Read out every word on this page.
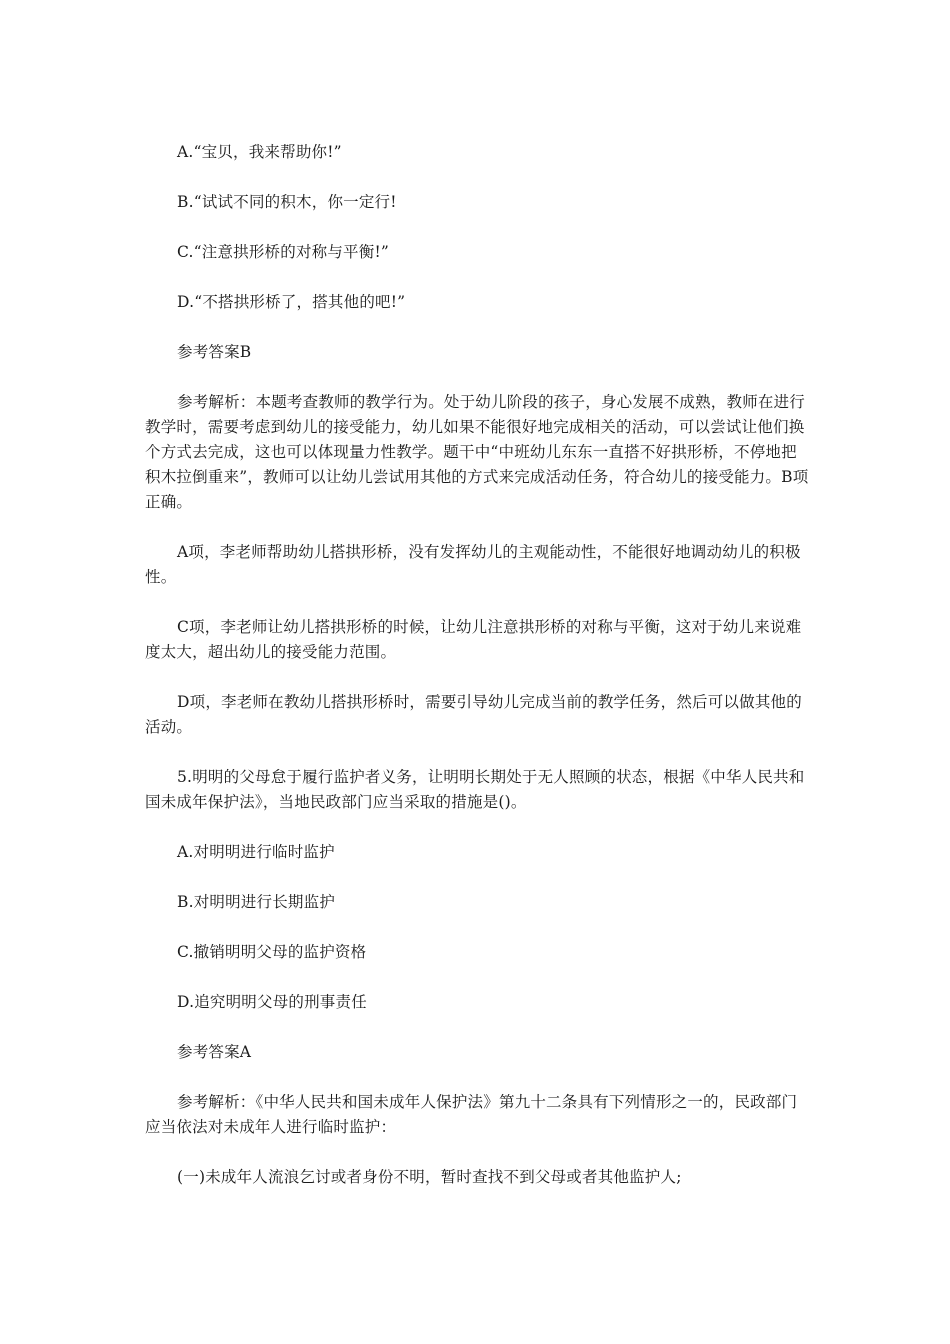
A.“宝贝，我来帮助你!”

B.“试试不同的积木，你一定行!

C.“注意拱形桥的对称与平衡!”

D.“不搭拱形桥了，搭其他的吧!”

参考答案B

参考解析：本题考查教师的教学行为。处于幼儿阶段的孩子，身心发展不成熟，教师在进行教学时，需要考虑到幼儿的接受能力，幼儿如果不能很好地完成相关的活动，可以尝试让他们换个方式去完成，这也可以体现量力性教学。题干中“中班幼儿东东一直搭不好拱形桥，不停地把积木拉倒重来”，教师可以让幼儿尝试用其他的方式来完成活动任务，符合幼儿的接受能力。B项正确。

A项，李老师帮助幼儿搭拱形桥，没有发挥幼儿的主观能动性，不能很好地调动幼儿的积极性。

C项，李老师让幼儿搭拱形桥的时候，让幼儿注意拱形桥的对称与平衡，这对于幼儿来说难度太大，超出幼儿的接受能力范围。

D项，李老师在教幼儿搭拱形桥时，需要引导幼儿完成当前的教学任务，然后可以做其他的活动。

5.明明的父母怠于履行监护者义务，让明明长期处于无人照顾的状态，根据《中华人民共和国未成年保护法》，当地民政部门应当采取的措施是()。

A.对明明进行临时监护

B.对明明进行长期监护

C.撤销明明父母的监护资格

D.追究明明父母的刑事责任

参考答案A

参考解析：《中华人民共和国未成年人保护法》第九十二条具有下列情形之一的，民政部门应当依法对未成年人进行临时监护：

(一)未成年人流浪乞讨或者身份不明，暂时查找不到父母或者其他监护人;
